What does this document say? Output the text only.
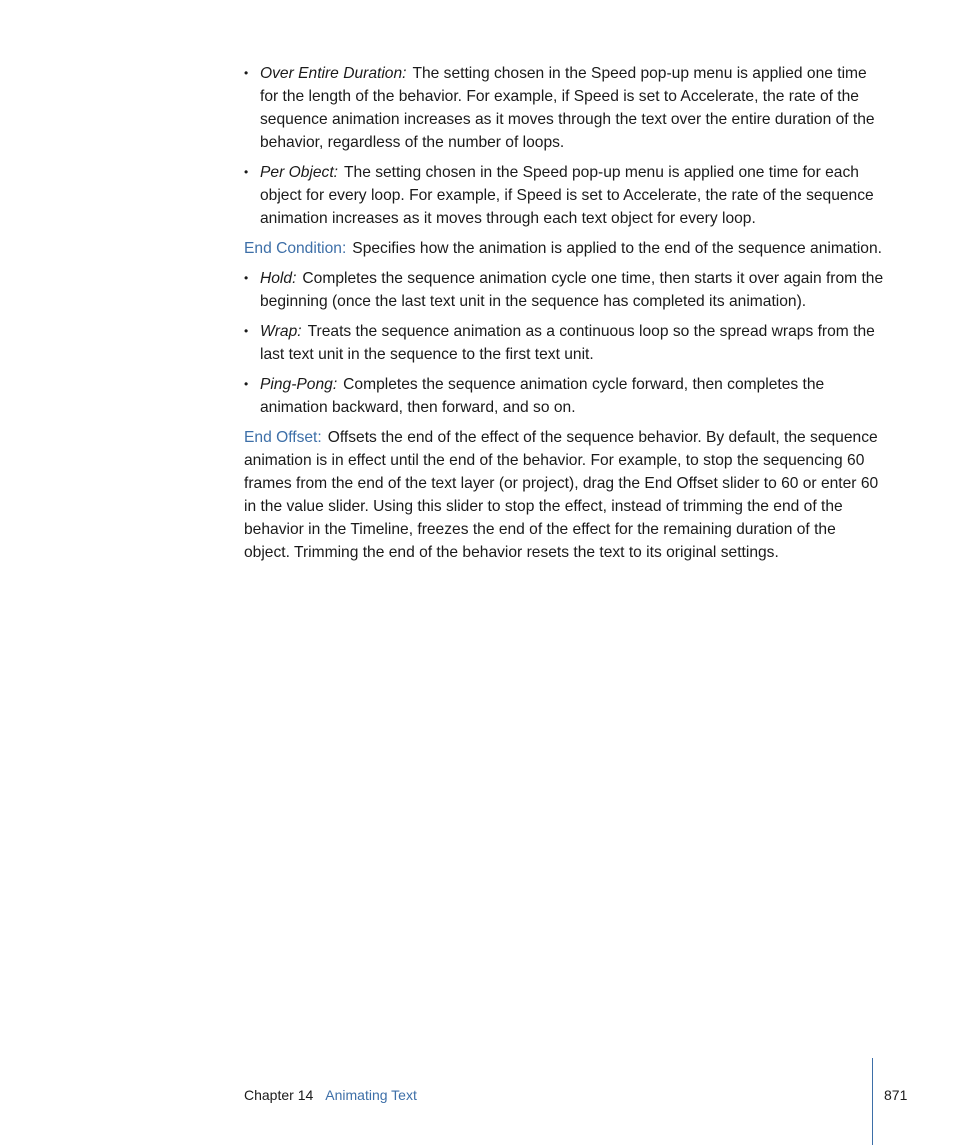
• Over Entire Duration: The setting chosen in the Speed pop-up menu is applied one time for the length of the behavior. For example, if Speed is set to Accelerate, the rate of the sequence animation increases as it moves through the text over the entire duration of the behavior, regardless of the number of loops.
• Per Object: The setting chosen in the Speed pop-up menu is applied one time for each object for every loop. For example, if Speed is set to Accelerate, the rate of the sequence animation increases as it moves through each text object for every loop.

End Condition: Specifies how the animation is applied to the end of the sequence animation.

• Hold: Completes the sequence animation cycle one time, then starts it over again from the beginning (once the last text unit in the sequence has completed its animation).
• Wrap: Treats the sequence animation as a continuous loop so the spread wraps from the last text unit in the sequence to the first text unit.
• Ping-Pong: Completes the sequence animation cycle forward, then completes the animation backward, then forward, and so on.

End Offset: Offsets the end of the effect of the sequence behavior. By default, the sequence animation is in effect until the end of the behavior. For example, to stop the sequencing 60 frames from the end of the text layer (or project), drag the End Offset slider to 60 or enter 60 in the value slider. Using this slider to stop the effect, instead of trimming the end of the behavior in the Timeline, freezes the end of the effect for the remaining duration of the object. Trimming the end of the behavior resets the text to its original settings.

Chapter 14 Animating Text	871
